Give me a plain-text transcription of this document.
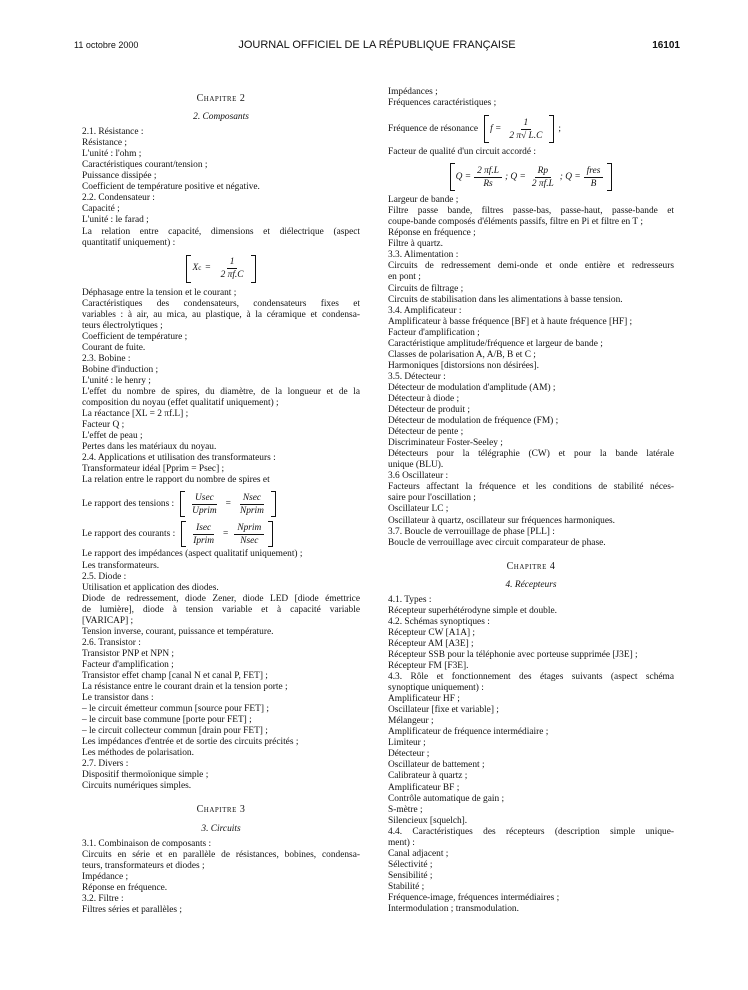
11 octobre 2000	JOURNAL OFFICIEL DE LA RÉPUBLIQUE FRANÇAISE	16101
Chapitre 2
2. Composants
2.1. Résistance :
Résistance ;
L'unité : l'ohm ;
Caractéristiques courant/tension ;
Puissance dissipée ;
Coefficient de température positive et négative.
2.2. Condensateur :
Capacité ;
L'unité : le farad ;
La relation entre capacité, dimensions et diélectrique (aspect
quantitatif uniquement) :
X $c = \frac{1}{2 \pi f.C}$
Déphasage entre la tension et le courant ;
Caractéristiques des condensateurs, condensateurs fixes et
variables : à air, au mica, au plastique, à la céramique et condensa-
teurs électrolytiques ;
Coefficient de température ;
Courant de fuite.
2.3. Bobine :
Bobine d'induction ;
L'unité : le henry ;
L'effet du nombre de spires, du diamètre, de la longueur et de la
composition du noyau (effet qualitatif uniquement) ;
La réactance [XL = 2 πf.L] ;
Facteur Q ;
L'effet de peau ;
Pertes dans les matériaux du noyau.
2.4. Applications et utilisation des transformateurs :
Transformateur idéal [Pprim = Psec] ;
La relation entre le rapport du nombre de spires et
Le rapport des tensions : $\frac{Usec}{\text{Uprim}} = \frac{Nsec}{\text{Nprim}}$
Le rapport des courants : $\frac{Isec}{\text{Iprim}} = \frac{\text{Nprim}}{Nsec}$
Le rapport des impédances (aspect qualitatif uniquement) ;
Les transformateurs.
2.5. Diode :
Utilisation et application des diodes.
Diode de redressement, diode Zener, diode LED [diode émettrice
de lumière], diode à tension variable et à capacité variable
[VARICAP] ;
Tension inverse, courant, puissance et température.
2.6. Transistor :
Transistor PNP et NPN ;
Facteur d'amplification ;
Transistor effet champ [canal N et canal P, FET] ;
La résistance entre le courant drain et la tension porte ;
Le transistor dans :
– le circuit émetteur commun [source pour FET] ;
– le circuit base commune [porte pour FET] ;
– le circuit collecteur commun [drain pour FET] ;
Les impédances d'entrée et de sortie des circuits précités ;
Les méthodes de polarisation.
2.7. Divers :
Dispositif thermoïonique simple ;
Circuits numériques simples.
Chapitre 3
3. Circuits
3.1. Combinaison de composants :
Circuits en série et en parallèle de résistances, bobines, condensa-
teurs, transformateurs et diodes ;
Impédance ;
Réponse en fréquence.
3.2. Filtre :
Filtres séries et parallèles ;
Impédances ;
Fréquences caractéristiques ;
Fréquence de résonance $f = \frac{1}{2 \pi√ L.C}$ ;
Facteur de qualité d'un circuit accordé :
$Q = \frac{2 \pi f.L}{Rs}$ ; $Q = \frac{Rp}{2 \pi f.L}$ ; $Q = \frac{\text{fres}}{B}$
Largeur de bande ;
Filtre passe bande, filtres passe-bas, passe-haut, passe-bande et
coupe-bande composés d'éléments passifs, filtre en Pi et filtre en T ;
Réponse en fréquence ;
Filtre à quartz.
3.3. Alimentation :
Circuits de redressement demi-onde et onde entière et redresseurs
en pont ;
Circuits de filtrage ;
Circuits de stabilisation dans les alimentations à basse tension.
3.4. Amplificateur :
Amplificateur à basse fréquence [BF] et à haute fréquence [HF] ;
Facteur d'amplification ;
Caractéristique amplitude/fréquence et largeur de bande ;
Classes de polarisation A, A/B, B et C ;
Harmoniques [distorsions non désirées].
3.5. Détecteur :
Détecteur de modulation d'amplitude (AM) ;
Détecteur à diode ;
Détecteur de produit ;
Détecteur de modulation de fréquence (FM) ;
Détecteur de pente ;
Discriminateur Foster-Seeley ;
Détecteurs pour la télégraphie (CW) et pour la bande latérale
unique (BLU).
3.6 Oscillateur :
Facteurs affectant la fréquence et les conditions de stabilité néces-
saire pour l'oscillation ;
Oscillateur LC ;
Oscillateur à quartz, oscillateur sur fréquences harmoniques.
3.7. Boucle de verrouillage de phase [PLL] :
Boucle de verrouillage avec circuit comparateur de phase.
Chapitre 4
4. Récepteurs
4.1. Types :
Récepteur superhétérodyne simple et double.
4.2. Schémas synoptiques :
Récepteur CW [A1A] ;
Récepteur AM [A3E] ;
Récepteur SSB pour la téléphonie avec porteuse supprimée [J3E] ;
Récepteur FM [F3E].
4.3. Rôle et fonctionnement des étages suivants (aspect schéma
synoptique uniquement) :
Amplificateur HF ;
Oscillateur [fixe et variable] ;
Mélangeur ;
Amplificateur de fréquence intermédiaire ;
Limiteur ;
Détecteur ;
Oscillateur de battement ;
Calibrateur à quartz ;
Amplificateur BF ;
Contrôle automatique de gain ;
S-mètre ;
Silencieux [squelch].
4.4. Caractéristiques des récepteurs (description simple unique-
ment) :
Canal adjacent ;
Sélectivité ;
Sensibilité ;
Stabilité ;
Fréquence-image, fréquences intermédiaires ;
Intermodulation ; transmodulation.
